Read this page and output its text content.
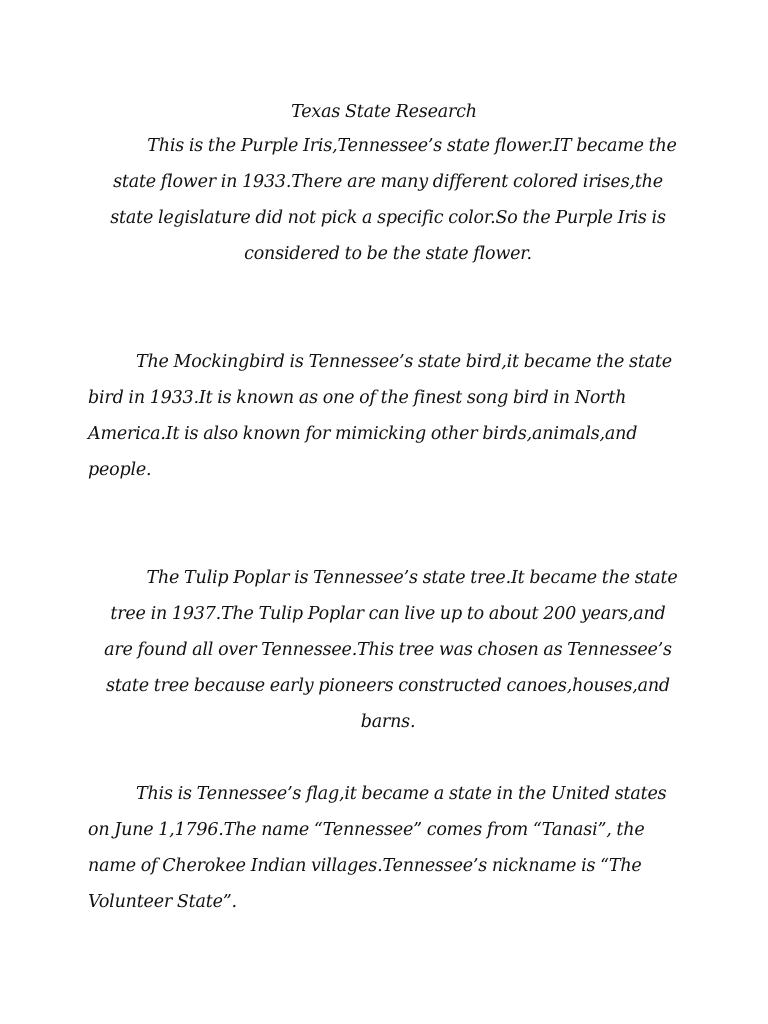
Texas State Research

This is the Purple Iris,Tennessee’s state flower.IT became the state flower in 1933.There are many different colored irises,the state legislature did not pick a specific color.So the Purple Iris is considered to be the state flower.

The Mockingbird is Tennessee’s state bird,it became the state bird in 1933.It is known as one of the finest song bird in North America.It is also known for mimicking other birds,animals,and people.

The Tulip Poplar is Tennessee’s state tree.It became the state tree in 1937.The Tulip Poplar can live up to about 200 years,and are found all over Tennessee.This tree was chosen as Tennessee’s state tree because early pioneers constructed canoes,houses,and barns.

This is Tennessee’s flag,it became a state in the United states on June 1,1796.The name “Tennessee” comes from “Tanasi”, the name of Cherokee Indian villages.Tennessee’s nickname is “The Volunteer State”.
